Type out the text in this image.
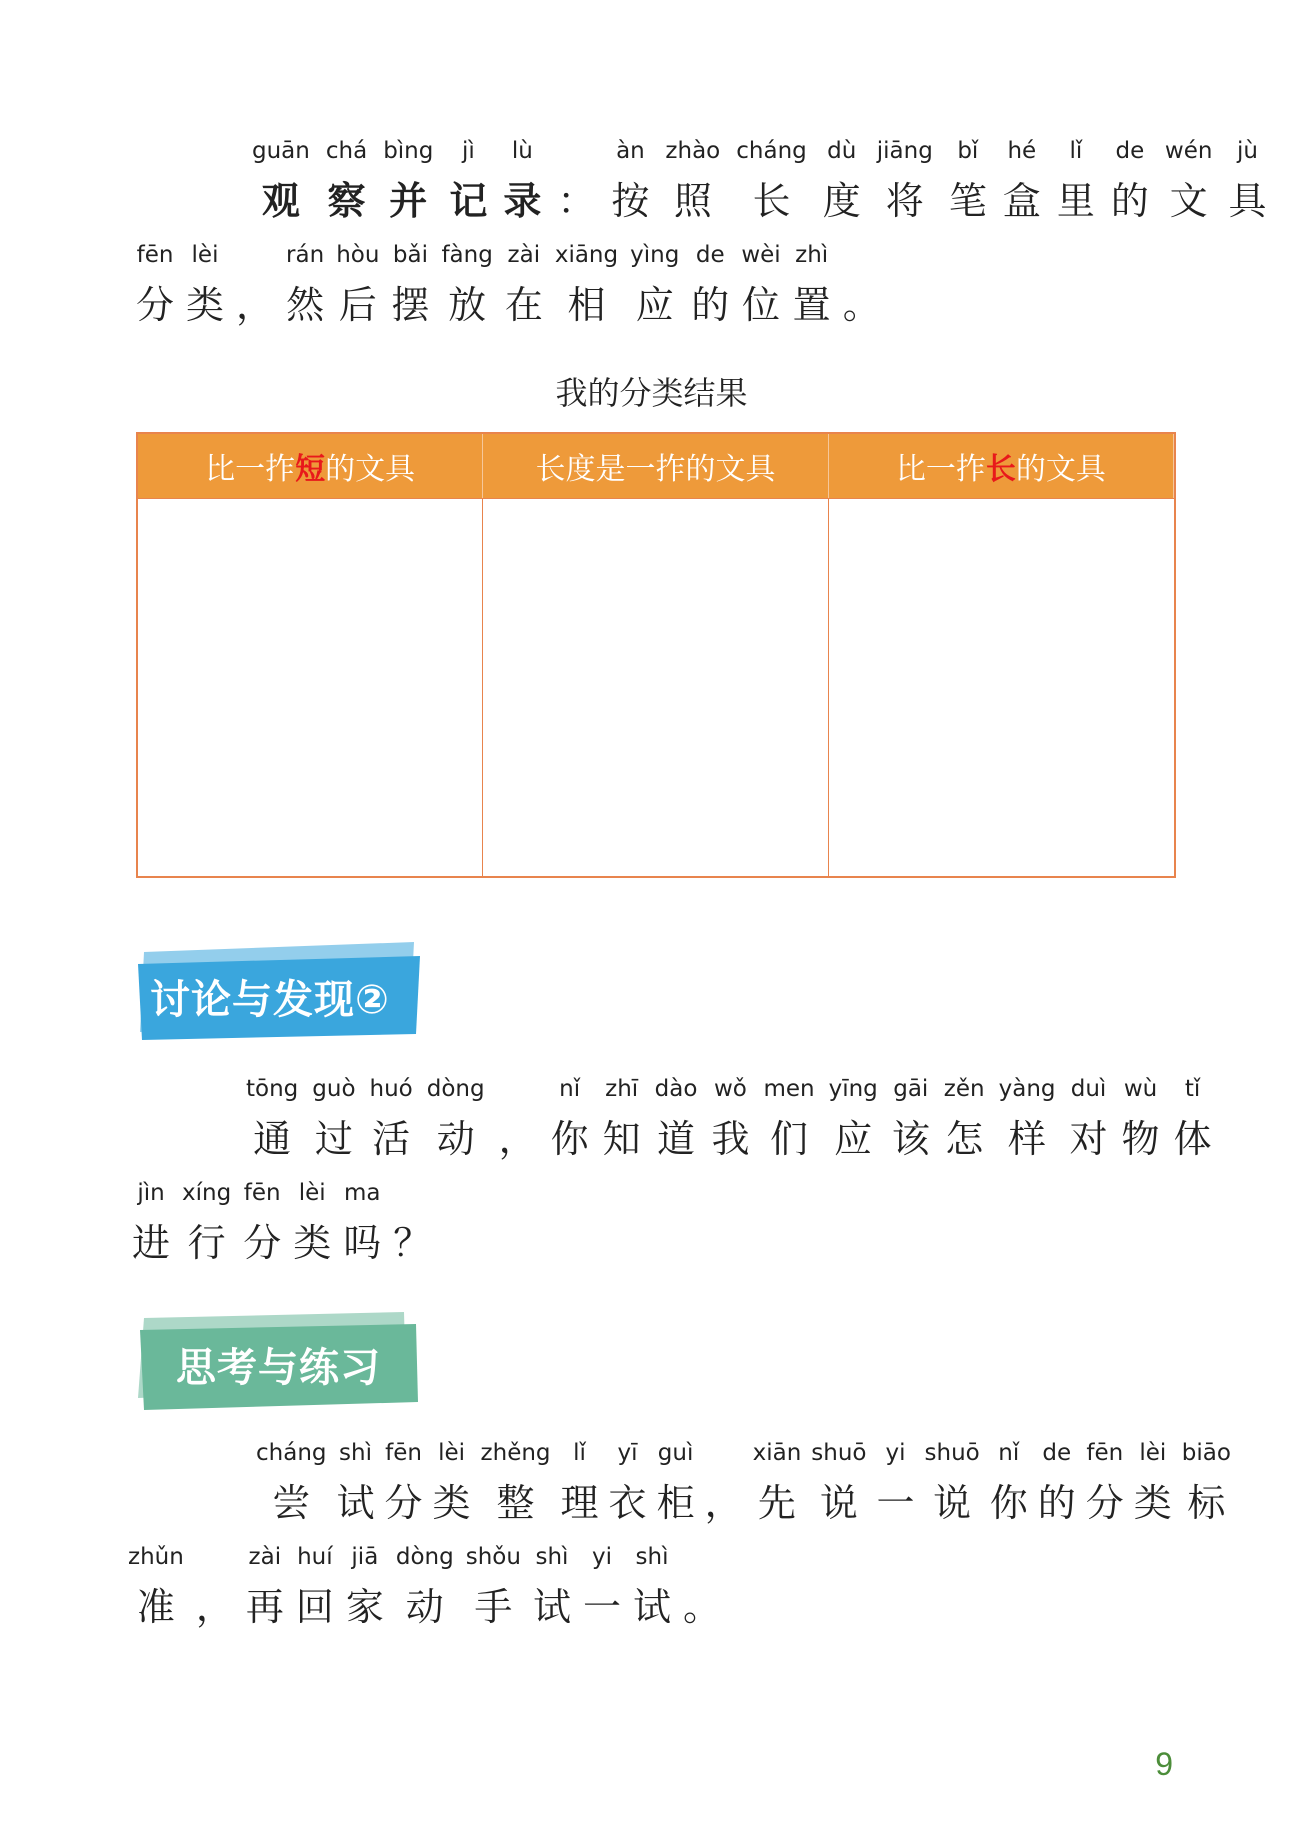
观guān
察chá
并bìng
记jì
录lù
： 按àn
照zhào
长cháng
度dù
将jiāng
笔bǐ
盒hé
里lǐ
的de
文wén
具jù
分fēn
类lèi
， 然rán
后hòu
摆bǎi
放fàng
在zài
相xiāng
应yìng
的de
位wèi
置zhì
。
我的分类结果
比一拃 短 的文具	长度是一拃的文具	比一拃 长 的文具
讨论与发现②
通tōng
过guò
活huó
动dòng
， 你nǐ
知zhī
道dào
我wǒ
们men
应yīng
该gāi
怎zěn
样yàng
对duì
物wù
体tǐ
进jìn
行xíng
分fēn
类lèi
吗ma
？
思考与练习
尝cháng
试shì
分fēn
类lèi
整zhěng
理lǐ
衣yī
柜guì
， 先xiān
说shuō
一yi
说shuō
你nǐ
的de
分fēn
类lèi
标biāo
准zhǔn
， 再zài
回huí
家jiā
动dòng
手shǒu
试shì
一yi
试shì
。
9
